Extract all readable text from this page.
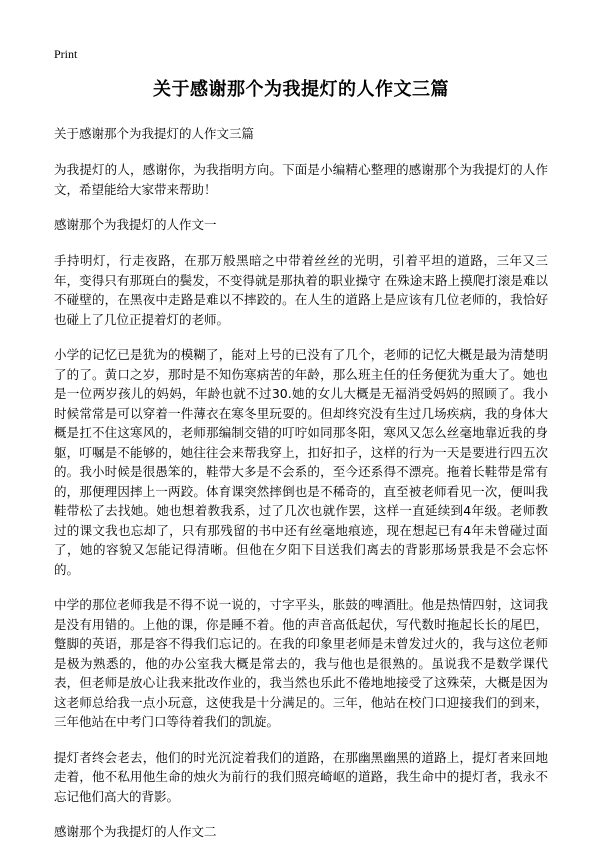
Print
关于感谢那个为我提灯的人作文三篇

关于感谢那个为我提灯的人作文三篇

为我提灯的人，感谢你，为我指明方向。下面是小编精心整理的感谢那个为我提灯的人作文，希望能给大家带来帮助！

感谢那个为我提灯的人作文一

手持明灯，行走夜路，在那万般黑暗之中带着丝丝的光明，引着平坦的道路，三年又三年，变得只有那斑白的鬓发，不变得就是那执着的职业操守 在殊途末路上摸爬打滚是难以不碰壁的，在黑夜中走路是难以不摔跤的。在人生的道路上是应该有几位老师的，我恰好也碰上了几位正提着灯的老师。

小学的记忆已是犹为的模糊了，能对上号的已没有了几个，老师的记忆大概是最为清楚明了的了。黄口之岁，那时是不知伤寒病苦的年龄，那么班主任的任务便犹为重大了。她也是一位两岁孩儿的妈妈，年龄也就不过30.她的女儿大概是无福消受妈妈的照顾了。我小时候常常是可以穿着一件薄衣在寒冬里玩耍的。但却终究没有生过几场疾病，我的身体大概是扛不住这寒风的，老师那编制交错的叮咛如同那冬阳，寒风又怎么丝毫地靠近我的身躯，叮嘱是不能够的，她往往会来帮我穿上，扣好扣子，这样的行为一天是要进行四五次的。我小时候是很愚笨的，鞋带大多是不会系的，至今还系得不漂亮。拖着长鞋带是常有的，那便理因摔上一两跤。体育课突然摔倒也是不稀奇的，直至被老师看见一次，便叫我鞋带松了去找她。她也想着教我系，过了几次也就作罢，这样一直延续到4年级。老师教过的课文我也忘却了，只有那残留的书中还有丝毫地痕迹，现在想起已有4年未曾碰过面了，她的容貌又怎能记得清晰。但他在夕阳下目送我们离去的背影那场景我是不会忘怀的。

中学的那位老师我是不得不说一说的，寸字平头，胀鼓的啤酒肚。他是热情四射，这词我是没有用错的。上他的课，你是睡不着。他的声音高低起伏，写代数时拖起长长的尾巴，蹩脚的英语，那是容不得我们忘记的。在我的印象里老师是未曾发过火的，我与这位老师是极为熟悉的，他的办公室我大概是常去的，我与他也是很熟的。虽说我不是数学课代表，但老师是放心让我来批改作业的，我当然也乐此不倦地地接受了这殊荣，大概是因为这老师总给我一点小玩意，这使我是十分满足的。三年，他站在校门口迎接我们的到来，三年他站在中考门口等待着我们的凯旋。

提灯者终会老去，他们的时光沉淀着我们的道路，在那幽黑幽黑的道路上，提灯者来回地走着，他不私用他生命的烛火为前行的我们照亮崎岖的道路，我生命中的提灯者，我永不忘记他们高大的背影。

感谢那个为我提灯的人作文二
